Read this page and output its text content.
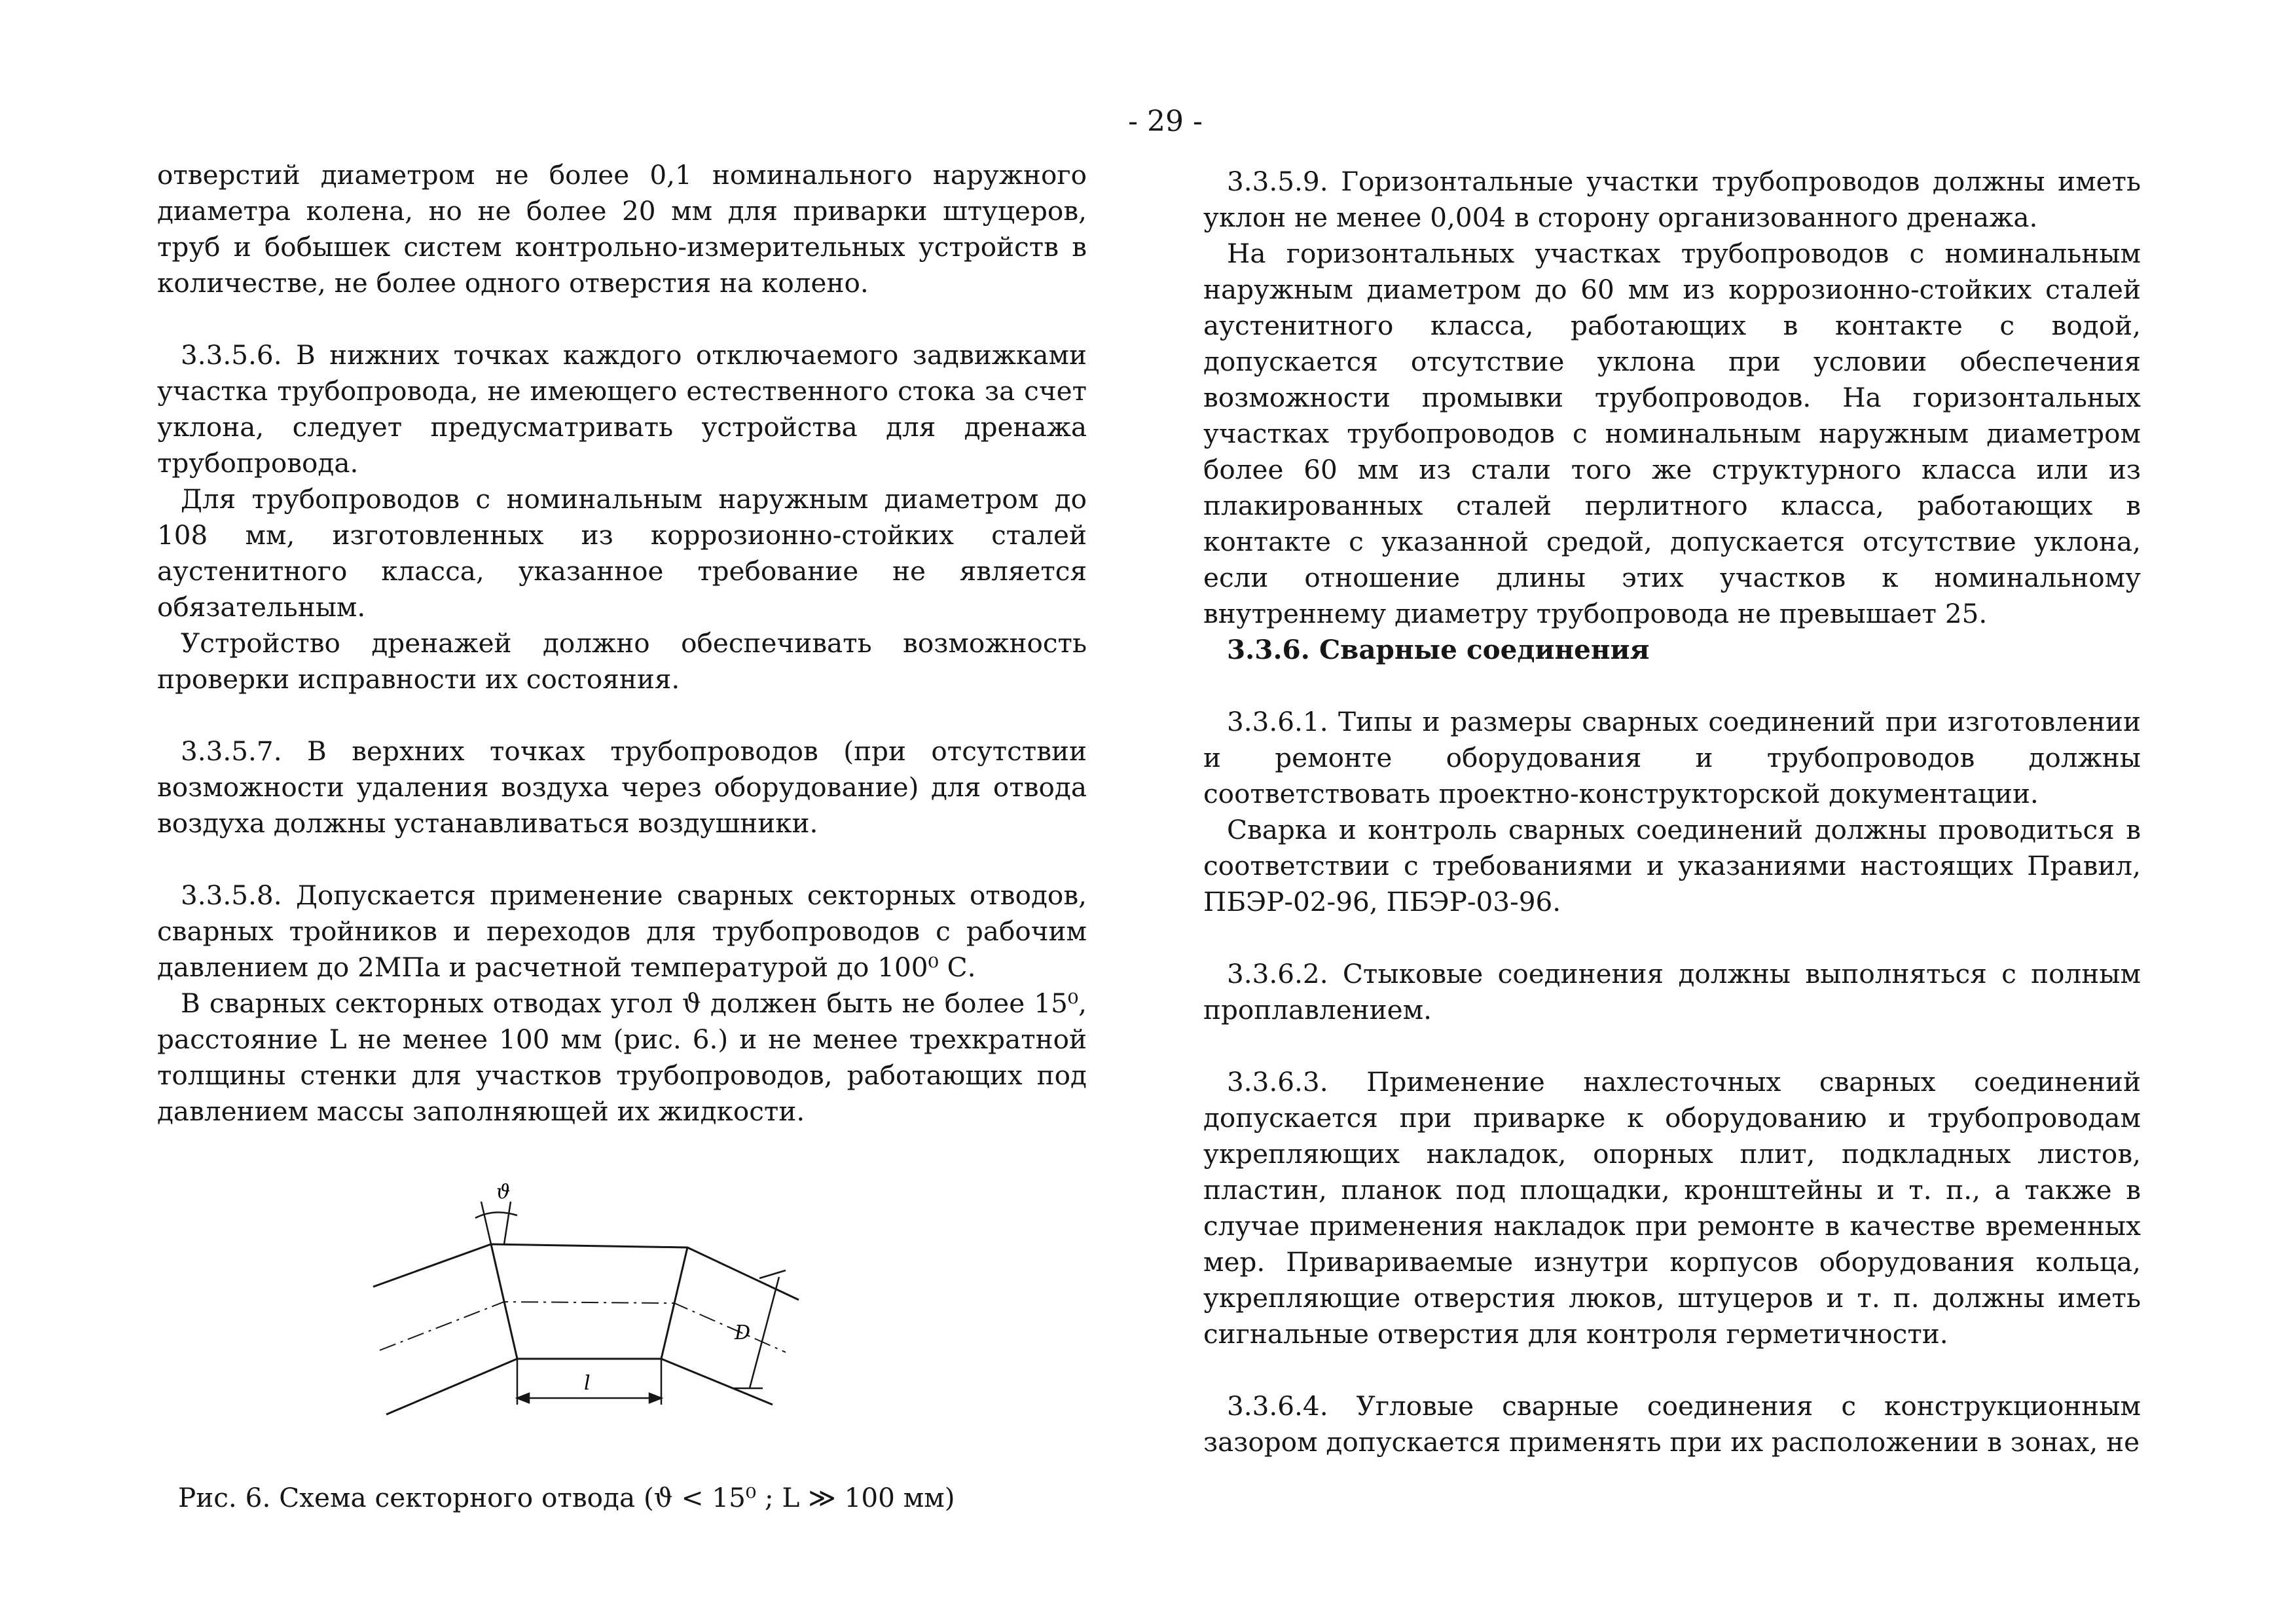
- 29 -

отверстий диаметром не более 0,1 номинального наружного диаметра колена, но не более 20 мм для приварки штуцеров, труб и бобышек систем контрольно-измерительных устройств в количестве, не более одного отверстия на колено.

3.3.5.6. В нижних точках каждого отключаемого задвижками участка трубопровода, не имеющего естественного стока за счет уклона, следует предусматривать устройства для дренажа трубопровода.

Для трубопроводов с номинальным наружным диаметром до 108 мм, изготовленных из коррозионно-стойких сталей аустенитного класса, указанное требование не является обязательным.

Устройство дренажей должно обеспечивать возможность проверки исправности их состояния.

3.3.5.7. В верхних точках трубопроводов (при отсутствии возможности удаления воздуха через оборудование) для отвода воздуха должны устанавливаться воздушники.

3.3.5.8. Допускается применение сварных секторных отводов, сварных тройников и переходов для трубопроводов с рабочим давлением до 2МПа и расчетной температурой до 100⁰ С.

В сварных секторных отводах угол ϑ должен быть не более 15⁰, расстояние L не менее 100 мм (рис. 6.) и не менее трехкратной толщины стенки для участков трубопроводов, работающих под давлением массы заполняющей их жидкости.

ϑ
l
D
Рис. 6. Схема секторного отвода (ϑ < 15⁰ ; L ≫ 100 мм)

3.3.5.9. Горизонтальные участки трубопроводов должны иметь уклон не менее 0,004 в сторону организованного дренажа.

На горизонтальных участках трубопроводов с номинальным наружным диаметром до 60 мм из коррозионно-стойких сталей аустенитного класса, работающих в контакте с водой, допускается отсутствие уклона при условии обеспечения возможности промывки трубопроводов. На горизонтальных участках трубопроводов с номинальным наружным диаметром более 60 мм из стали того же структурного класса или из плакированных сталей перлитного класса, работающих в контакте с указанной средой, допускается отсутствие уклона, если отношение длины этих участков к номинальному внутреннему диаметру трубопровода не превышает 25.

3.3.6. Сварные соединения

3.3.6.1. Типы и размеры сварных соединений при изготовлении и ремонте оборудования и трубопроводов должны соответствовать проектно-конструкторской документации.

Сварка и контроль сварных соединений должны проводиться в соответствии с требованиями и указаниями настоящих Правил, ПБЭР-02-96, ПБЭР-03-96.

3.3.6.2. Стыковые соединения должны выполняться с полным проплавлением.

3.3.6.3. Применение нахлесточных сварных соединений допускается при приварке к оборудованию и трубопроводам укрепляющих накладок, опорных плит, подкладных листов, пластин, планок под площадки, кронштейны и т. п., а также в случае применения накладок при ремонте в качестве временных мер. Привариваемые изнутри корпусов оборудования кольца, укрепляющие отверстия люков, штуцеров и т. п. должны иметь сигнальные отверстия для контроля герметичности.

3.3.6.4. Угловые сварные соединения с конструкционным зазором допускается применять при их расположении в зонах, не
